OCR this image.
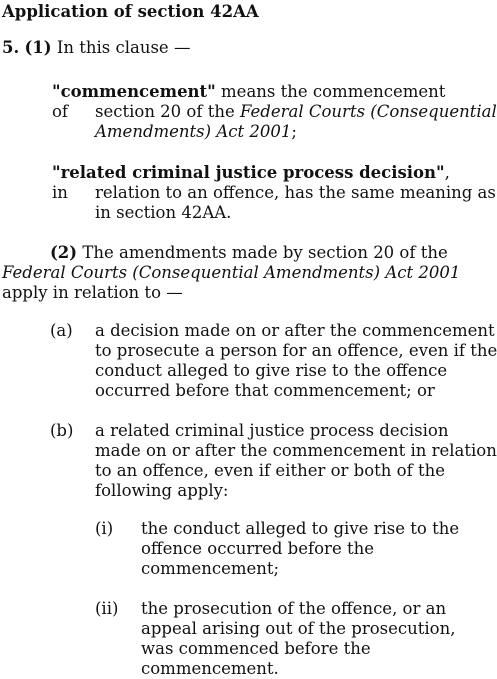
Application of section 42AA

5. (1) In this clause —

"commencement" means the commencement of	section 20 of the Federal Courts (Consequential
Amendments) Act 2001;

"related criminal justice process decision", in	relation to an offence, has the same meaning as
in section 42AA.

(2) The amendments made by section 20 of the
Federal Courts (Consequential Amendments) Act 2001
apply in relation to —

(a) a decision made on or after the commencement
to prosecute a person for an offence, even if the
conduct alleged to give rise to the offence
occurred before that commencement; or

(b) a related criminal justice process decision
made on or after the commencement in relation
to an offence, even if either or both of the
following apply:

(i) the conduct alleged to give rise to the
offence occurred before the
commencement;

(ii) the prosecution of the offence, or an
appeal arising out of the prosecution,
was commenced before the
commencement.
